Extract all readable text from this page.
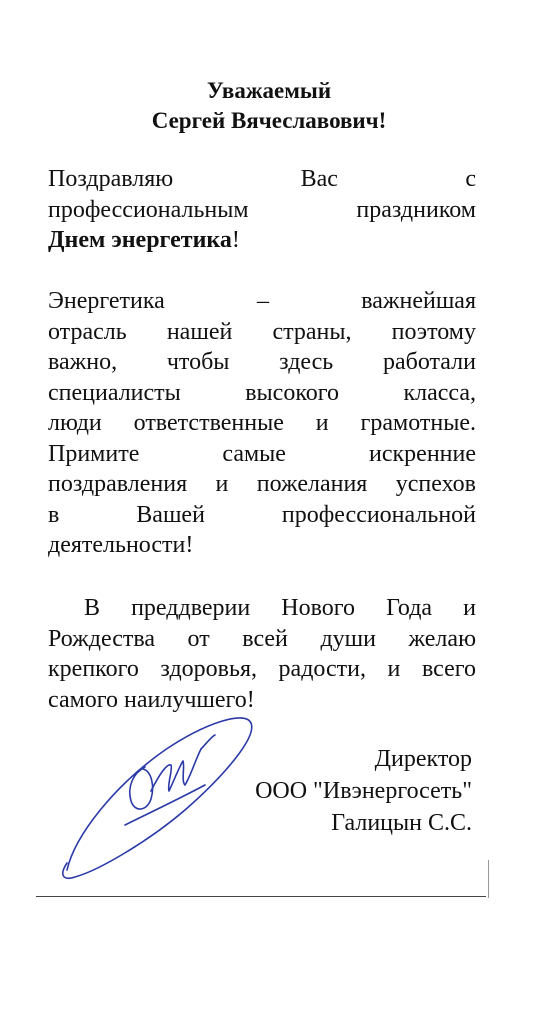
Уважаемый
Сергей Вячеславович!
Поздравляю Вас с
профессиональным праздником
Днем энергетика!
Энергетика – важнейшая
отрасль нашей страны, поэтому
важно, чтобы здесь работали
специалисты высокого класса,
люди ответственные и грамотные.
Примите самые искренние
поздравления и пожелания успехов
в Вашей профессиональной
деятельности!
В преддверии Нового Года и
Рождества от всей души желаю
крепкого здоровья, радости, и всего
самого наилучшего!
Директор
ООО "Ивэнергосеть"
Галицын С.С.
